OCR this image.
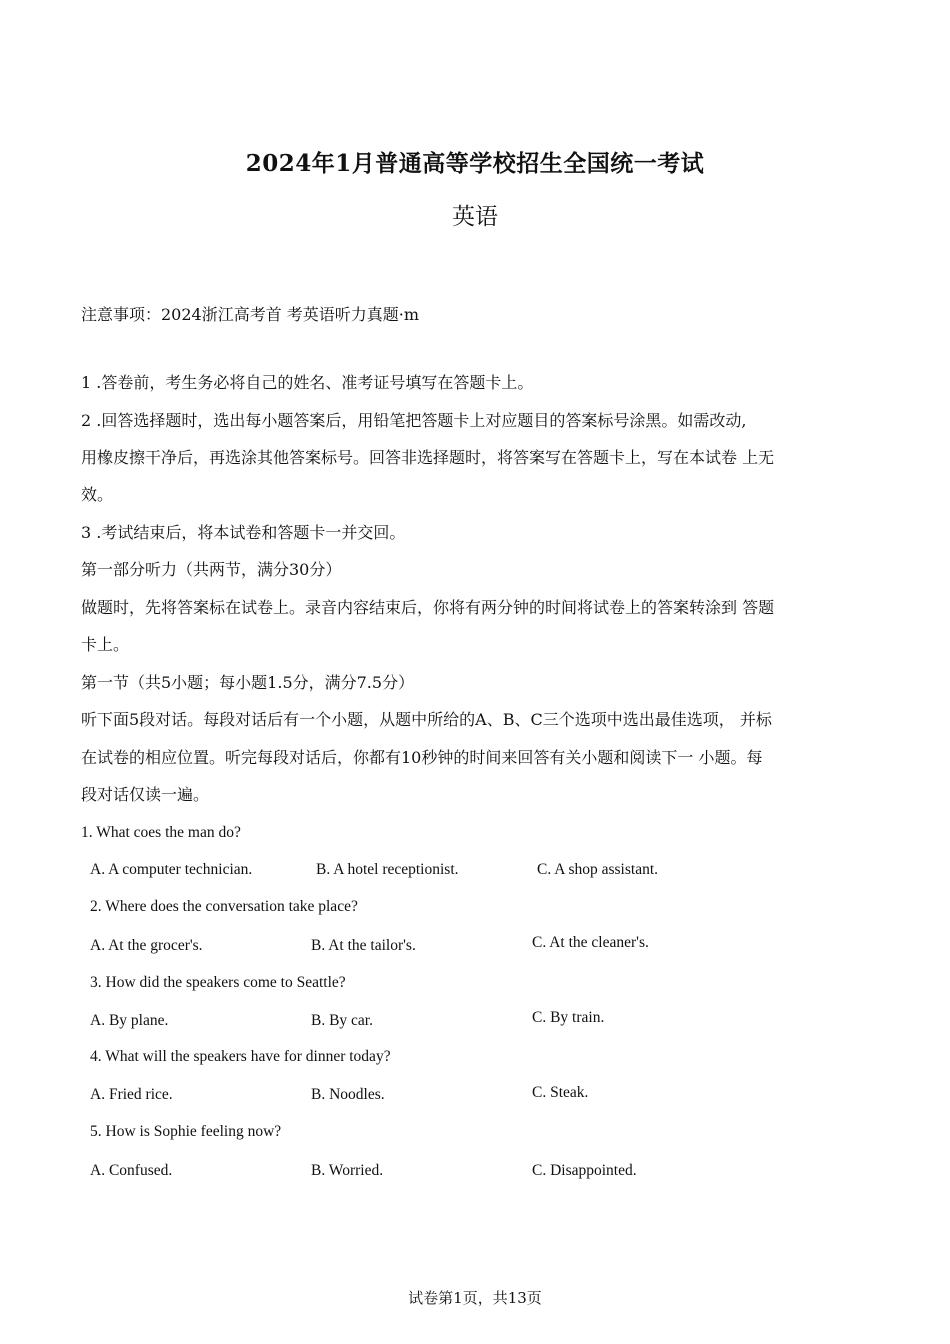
2024年1月普通高等学校招生全国统一考试
英语
注意事项：2024浙江高考首 考英语听力真题·m
1 .答卷前，考生务必将自己的姓名、准考证号填写在答题卡上。
2 .回答选择题时，选出每小题答案后，用铅笔把答题卡上对应题目的答案标号涂黑。如需改动,
用橡皮擦干净后，再选涂其他答案标号。回答非选择题时，将答案写在答题卡上，写在本试卷 上无
效。
3 .考试结束后，将本试卷和答题卡一并交回。
第一部分听力（共两节，满分30分）
做题时，先将答案标在试卷上。录音内容结束后，你将有两分钟的时间将试卷上的答案转涂到 答题
卡上。
第一节（共5小题；每小题1.5分，满分7.5分）
听下面5段对话。每段对话后有一个小题，从题中所给的A、B、C三个选项中选出最佳选项， 并标
在试卷的相应位置。听完每段对话后，你都有10秒钟的时间来回答有关小题和阅读下一 小题。每
段对话仅读一遍。
1. What coes the man do?
A. A computer technician.	B. A hotel receptionist.	C. A shop assistant.
2. Where does the conversation take place?
A. At the grocer's.	B. At the tailor's.	C. At the cleaner's.
3. How did the speakers come to Seattle?
A. By plane.	B. By car.	C. By train.
4. What will the speakers have for dinner today?
A. Fried rice.	B. Noodles.	C. Steak.
5. How is Sophie feeling now?
A. Confused.	B. Worried.	C. Disappointed.
试卷第1页，共13页
